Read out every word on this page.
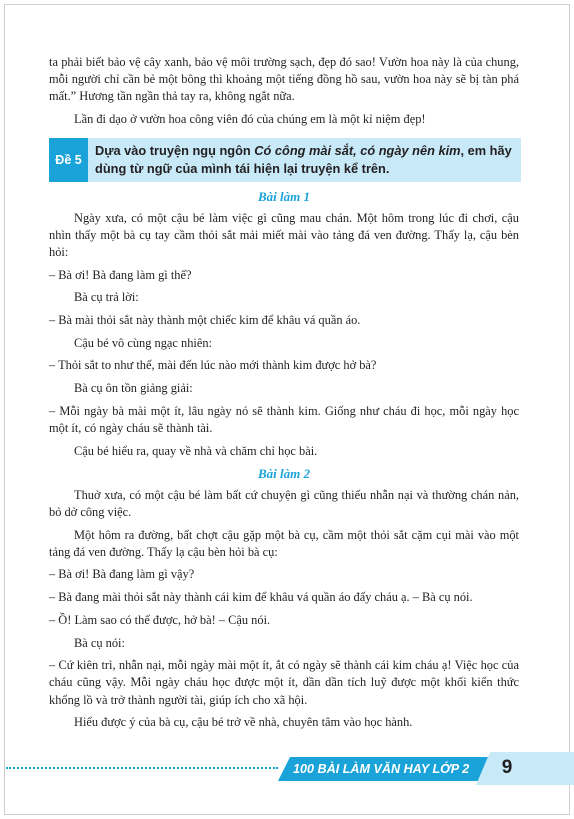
ta phải biết bảo vệ cây xanh, bảo vệ môi trường sạch, đẹp đó sao! Vườn hoa này là của chung, mỗi người chỉ cần bẻ một bông thì khoảng một tiếng đồng hồ sau, vườn hoa này sẽ bị tàn phá mất.” Hương tần ngần thả tay ra, không ngắt nữa.

Lần đi dạo ở vườn hoa công viên đó của chúng em là một kỉ niệm đẹp!

Đề 5
Dựa vào truyện ngụ ngôn Có công mài sắt, có ngày nên kim, em hãy dùng từ ngữ của mình tái hiện lại truyện kể trên.

Bài làm 1

Ngày xưa, có một cậu bé làm việc gì cũng mau chán. Một hôm trong lúc đi chơi, cậu nhìn thấy một bà cụ tay cầm thỏi sắt mải miết mài vào tảng đá ven đường. Thấy lạ, cậu bèn hỏi:

– Bà ơi! Bà đang làm gì thế?

Bà cụ trả lời:

– Bà mài thỏi sắt này thành một chiếc kim để khâu vá quần áo.

Cậu bé vô cùng ngạc nhiên:

– Thỏi sắt to như thế, mài đến lúc nào mới thành kim được hở bà?

Bà cụ ôn tồn giảng giải:

– Mỗi ngày bà mài một ít, lâu ngày nó sẽ thành kim. Giống như cháu đi học, mỗi ngày học một ít, có ngày cháu sẽ thành tài.

Cậu bé hiểu ra, quay về nhà và chăm chỉ học bài.

Bài làm 2

Thuở xưa, có một cậu bé làm bất cứ chuyện gì cũng thiếu nhẫn nại và thường chán nản, bỏ dở công việc.

Một hôm ra đường, bất chợt cậu gặp một bà cụ, cầm một thỏi sắt cặm cụi mài vào một tảng đá ven đường. Thấy lạ cậu bèn hỏi bà cụ:

– Bà ơi! Bà đang làm gì vậy?

– Bà đang mài thỏi sắt này thành cái kim để khâu vá quần áo đấy cháu ạ. – Bà cụ nói.

– Ồ! Làm sao có thể được, hở bà! – Cậu nói.

Bà cụ nói:

– Cứ kiên trì, nhẫn nại, mỗi ngày mài một ít, ắt có ngày sẽ thành cái kim cháu ạ! Việc học của cháu cũng vậy. Mỗi ngày cháu học được một ít, dần dần tích luỹ được một khối kiến thức khổng lồ và trở thành người tài, giúp ích cho xã hội.

Hiểu được ý của bà cụ, cậu bé trở về nhà, chuyên tâm vào học hành.

100 BÀI LÀM VĂN HAY LỚP 2	9
